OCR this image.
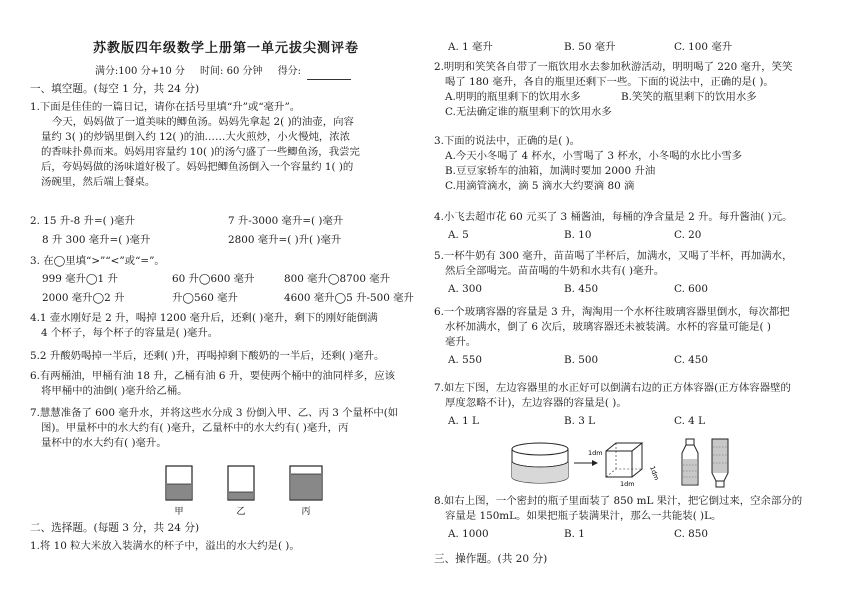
苏教版四年级数学上册第一单元拔尖测评卷
满分:100 分+10 分 时间: 60 分钟 得分:
一、填空题。(每空 1 分，共 24 分)
1.下面是佳佳的一篇日记，请你在括号里填“升”或“毫升”。
今天，妈妈做了一道美味的鲫鱼汤。妈妈先拿起 2( )的油壶，向容
量约 3( )的炒锅里倒入约 12( )的油……大火煎炒，小火慢炖，浓浓
的香味扑鼻而来。妈妈用容量约 10( )的汤勺盛了一些鲫鱼汤，我尝完
后，夸妈妈做的汤味道好极了。妈妈把鲫鱼汤倒入一个容量约 1( )的
汤碗里，然后端上餐桌。
2. 15 升-8 升=( )毫升	7 升-3000 毫升=( )毫升
8 升 300 毫升=( )毫升	2800 毫升=( )升( )毫升
3. 在◯里填“>”“<”或“=”。
999 毫升◯1 升	60 升◯600 毫升	800 毫升◯8700 毫升
2000 毫升◯2 升	升◯560 毫升	4600 毫升◯5 升-500 毫升
4.1 壶水刚好是 2 升，喝掉 1200 毫升后，还剩( )毫升，剩下的刚好能倒满
4 个杯子，每个杯子的容量是( )毫升。
5.2 升酸奶喝掉一半后，还剩( )升，再喝掉剩下酸奶的一半后，还剩( )毫升。
6.有两桶油，甲桶有油 18 升，乙桶有油 6 升，要使两个桶中的油同样多，应该
将甲桶中的油倒( )毫升给乙桶。
7.慧慧准备了 600 毫升水，并将这些水分成 3 份倒入甲、乙、丙 3 个量杯中(如
图)。甲量杯中的水大约有( )毫升，乙量杯中的水大约有( )毫升，丙
量杯中的水大约有( )毫升。
甲	乙	丙
二、选择题。(每题 3 分，共 24 分)
1.将 10 粒大米放入装满水的杯子中，溢出的水大约是( )。
A. 1 毫升	B. 50 毫升	C. 100 毫升
2.明明和笑笑各自带了一瓶饮用水去参加秋游活动，明明喝了 220 毫升，笑笑
喝了 180 毫升，各自的瓶里还剩下一些。下面的说法中，正确的是( )。
A.明明的瓶里剩下的饮用水多	B.笑笑的瓶里剩下的饮用水多
C.无法确定谁的瓶里剩下的饮用水多
3.下面的说法中，正确的是( )。
A.今天小冬喝了 4 杯水，小雪喝了 3 杯水，小冬喝的水比小雪多
B.豆豆家轿车的油箱，加满时要加 2000 升油
C.用滴管滴水，滴 5 滴水大约要滴 80 滴
4.小飞去超市花 60 元买了 3 桶酱油，每桶的净含量是 2 升。每升酱油( )元。
A. 5	B. 10	C. 20
5.一杯牛奶有 300 毫升，苗苗喝了半杯后，加满水，又喝了半杯，再加满水，
然后全部喝完。苗苗喝的牛奶和水共有( )毫升。
A. 300	B. 450	C. 600
6.一个玻璃容器的容量是 3 升，淘淘用一个水杯往玻璃容器里倒水，每次都把
水杯加满水，倒了 6 次后，玻璃容器还未被装满。水杯的容量可能是( )
毫升。
A. 550	B. 500	C. 450
7.如左下图，左边容器里的水正好可以倒满右边的正方体容器(正方体容器壁的
厚度忽略不计)，左边容器的容量是( )。
A. 1 L	B. 3 L	C. 4 L
1dm
1dm
1dm
8.如右上图，一个密封的瓶子里面装了 850 mL 果汁，把它倒过来，空余部分的
容量是 150mL。如果把瓶子装满果汁，那么一共能装( )L。
A. 1000	B. 1	C. 850
三、操作题。(共 20 分)
